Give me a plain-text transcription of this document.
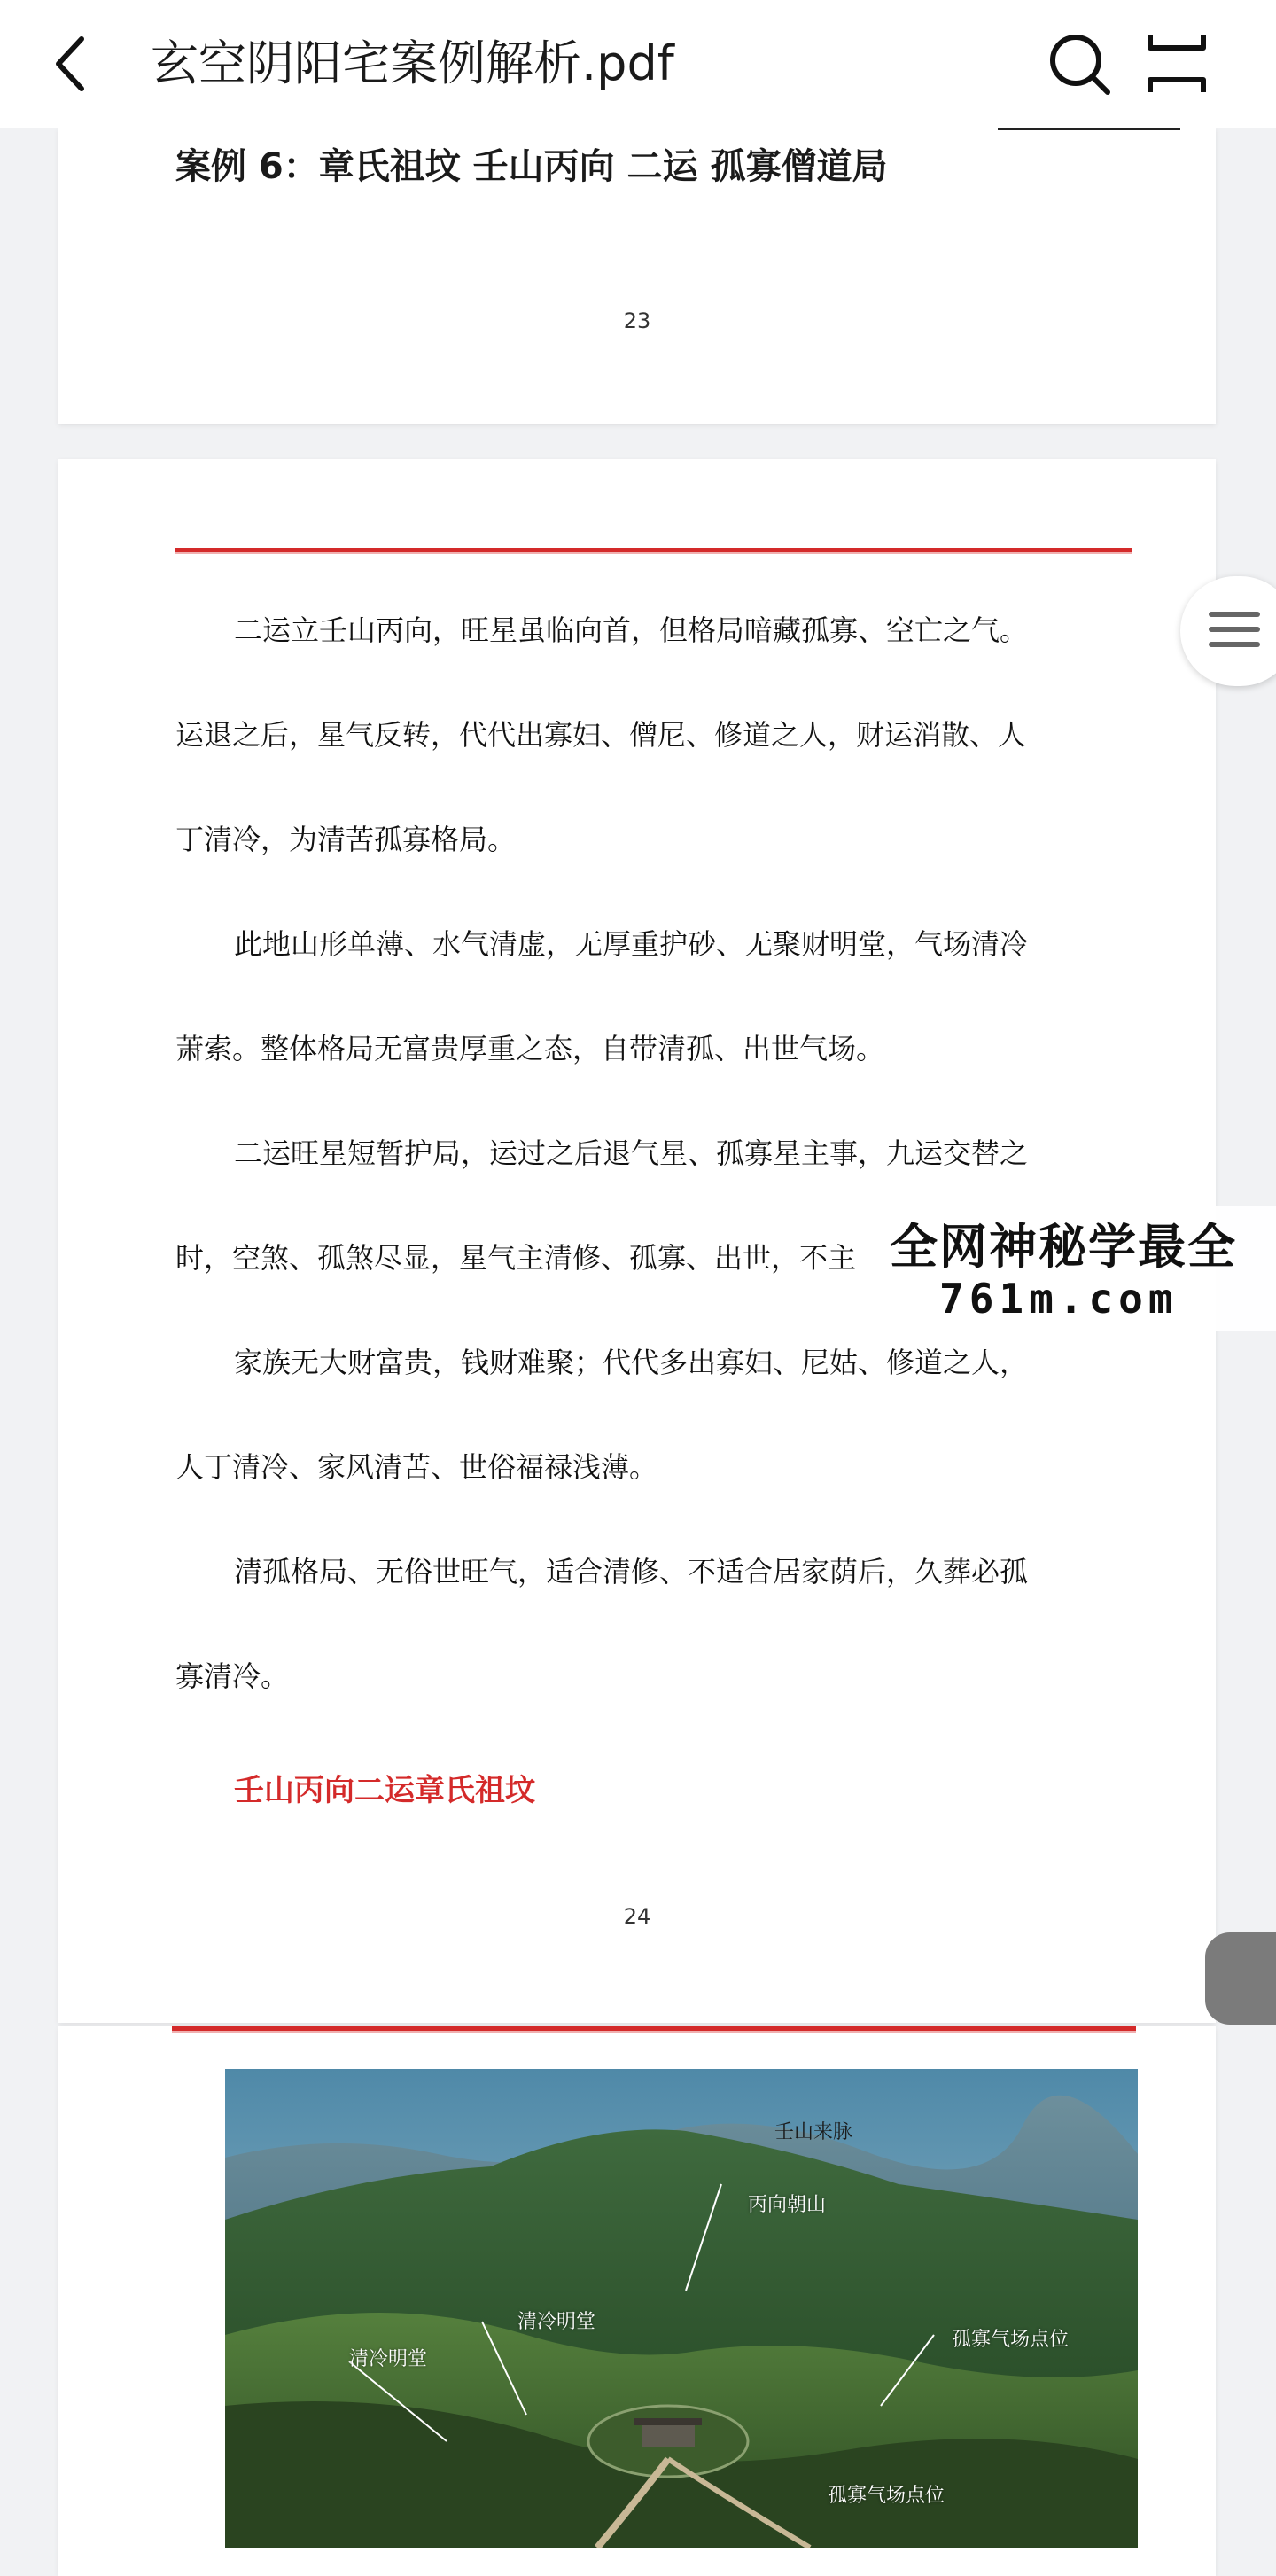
玄空阴阳宅案例解析.pdf
案例 6：章氏祖坟 壬山丙向 二运 孤寡僧道局
23

二运立壬山丙向，旺星虽临向首，但格局暗藏孤寡、空亡之气。

运退之后，星气反转，代代出寡妇、僧尼、修道之人，财运消散、人

丁清冷，为清苦孤寡格局。

此地山形单薄、水气清虚，无厚重护砂、无聚财明堂，气场清冷

萧索。整体格局无富贵厚重之态，自带清孤、出世气场。

二运旺星短暂护局，运过之后退气星、孤寡星主事，九运交替之

时，空煞、孤煞尽显，星气主清修、孤寡、出世，不主

家族无大财富贵，钱财难聚；代代多出寡妇、尼姑、修道之人，

人丁清冷、家风清苦、世俗福禄浅薄。

清孤格局、无俗世旺气，适合清修、不适合居家荫后，久葬必孤

寡清冷。

壬山丙向二运章氏祖坟
24
全网神秘学最全
761m.com
壬山来脉
丙向朝山
清冷明堂
清冷明堂
孤寡气场点位
孤寡气场点位
